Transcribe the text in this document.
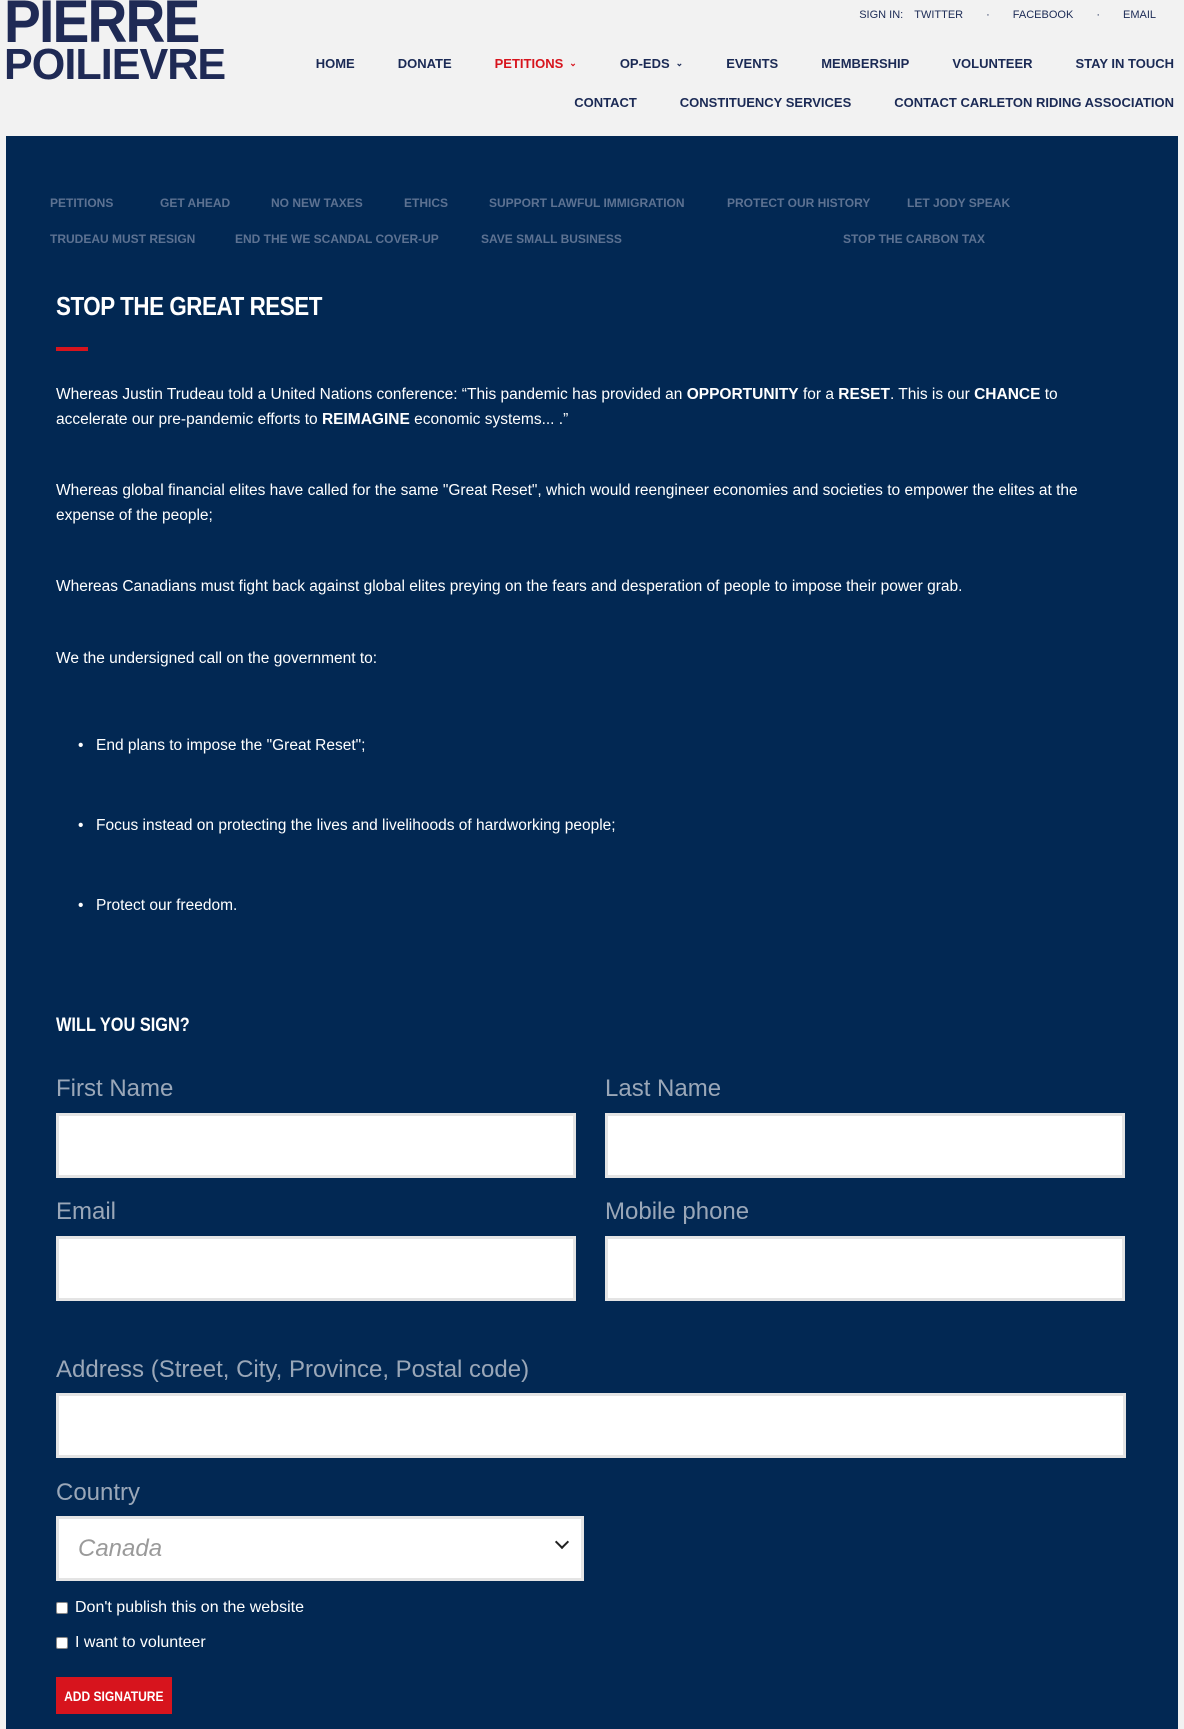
PIERRE
POILIEVRE
SIGN IN: TWITTER · FACEBOOK · EMAIL
HOME	DONATE	PETITIONS ⌄	OP-EDS ⌄	EVENTS	MEMBERSHIP	VOLUNTEER	STAY IN TOUCH
CONTACT	CONSTITUENCY SERVICES	CONTACT CARLETON RIDING ASSOCIATION
PETITIONS	GET AHEAD	NO NEW TAXES	ETHICS	SUPPORT LAWFUL IMMIGRATION	PROTECT OUR HISTORY	LET JODY SPEAK
TRUDEAU MUST RESIGN	END THE WE SCANDAL COVER-UP	SAVE SMALL BUSINESS	STOP THE CARBON TAX
STOP THE GREAT RESET
Whereas Justin Trudeau told a United Nations conference: “This pandemic has provided an OPPORTUNITY for a RESET. This is our CHANCE to accelerate our pre-pandemic efforts to REIMAGINE economic systems... .”
Whereas global financial elites have called for the same "Great Reset", which would reengineer economies and societies to empower the elites at the expense of the people;
Whereas Canadians must fight back against global elites preying on the fears and desperation of people to impose their power grab.
We the undersigned call on the government to:
• End plans to impose the "Great Reset";
• Focus instead on protecting the lives and livelihoods of hardworking people;
• Protect our freedom.
WILL YOU SIGN?
First Name	Last Name
Email	Mobile phone
Address (Street, City, Province, Postal code)
Country
Canada
Don't publish this on the website
I want to volunteer
ADD SIGNATURE
